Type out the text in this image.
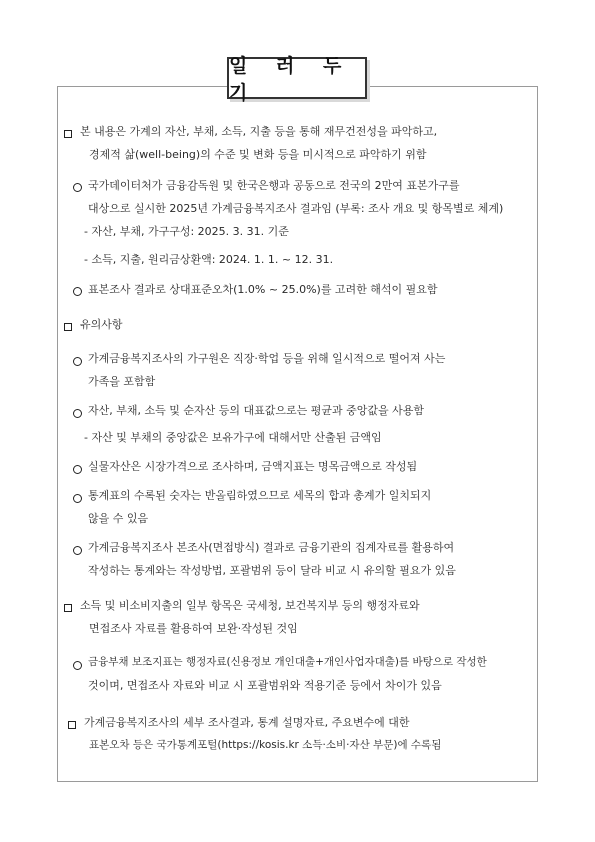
일 러 두 기
본 내용은 가계의 자산, 부채, 소득, 지출 등을 통해 재무건전성을 파악하고,
경제적 삶(well-being)의 수준 및 변화 등을 미시적으로 파악하기 위함
국가데이터처가 금융감독원 및 한국은행과 공동으로 전국의 2만여 표본가구를
대상으로 실시한 2025년 가계금융복지조사 결과임 (부록: 조사 개요 및 항목별로 체계)
- 자산, 부채, 가구구성: 2025. 3. 31. 기준
- 소득, 지출, 원리금상환액: 2024. 1. 1. ~ 12. 31.
표본조사 결과로 상대표준오차(1.0% ~ 25.0%)를 고려한 해석이 필요함
유의사항
가계금융복지조사의 가구원은 직장·학업 등을 위해 일시적으로 떨어져 사는
가족을 포함함
자산, 부채, 소득 및 순자산 등의 대표값으로는 평균과 중앙값을 사용함
- 자산 및 부채의 중앙값은 보유가구에 대해서만 산출된 금액임
실물자산은 시장가격으로 조사하며, 금액지표는 명목금액으로 작성됨
통계표의 수록된 숫자는 반올림하였으므로 세목의 합과 총계가 일치되지
않을 수 있음
가계금융복지조사 본조사(면접방식) 결과로 금융기관의 집계자료를 활용하여
작성하는 통계와는 작성방법, 포괄범위 등이 달라 비교 시 유의할 필요가 있음
소득 및 비소비지출의 일부 항목은 국세청, 보건복지부 등의 행정자료와
면접조사 자료를 활용하여 보완·작성된 것임
금융부채 보조지표는 행정자료(신용정보 개인대출+개인사업자대출)를 바탕으로 작성한
것이며, 면접조사 자료와 비교 시 포괄범위와 적용기준 등에서 차이가 있음
가계금융복지조사의 세부 조사결과, 통계 설명자료, 주요변수에 대한
표본오차 등은 국가통계포털(https://kosis.kr 소득·소비·자산 부문)에 수록됨
